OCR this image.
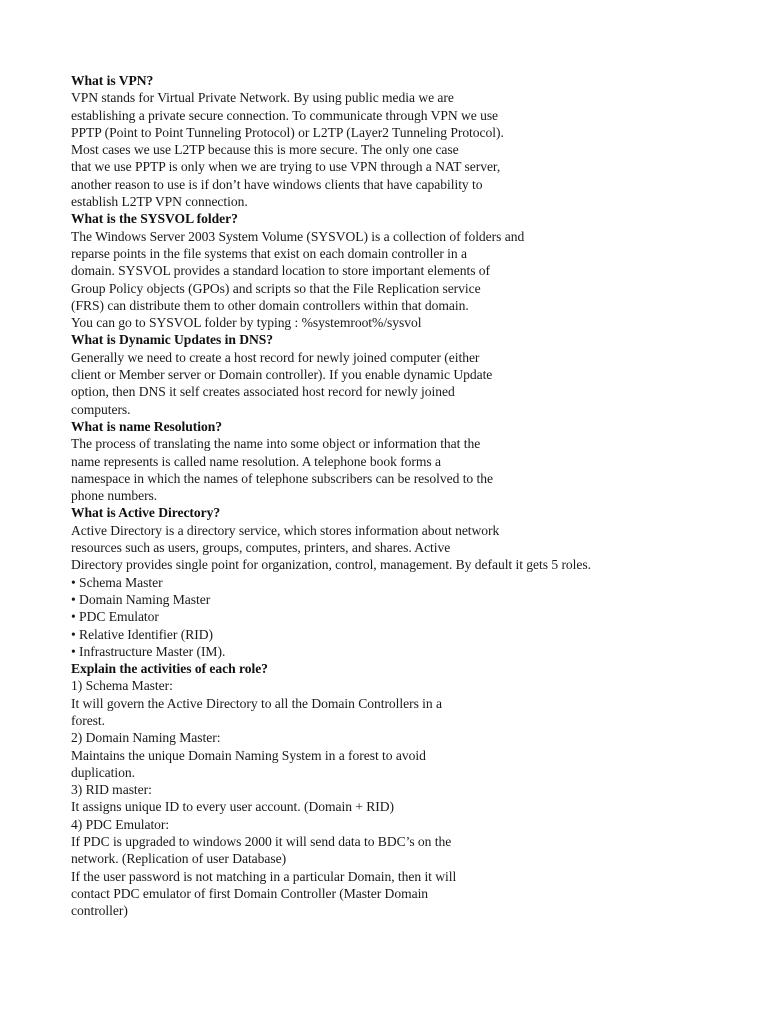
What is VPN?
VPN stands for Virtual Private Network. By using public media we are
establishing a private secure connection. To communicate through VPN we use
PPTP (Point to Point Tunneling Protocol) or L2TP (Layer2 Tunneling Protocol).
Most cases we use L2TP because this is more secure. The only one case
that we use PPTP is only when we are trying to use VPN through a NAT server,
another reason to use is if don’t have windows clients that have capability to
establish L2TP VPN connection.
What is the SYSVOL folder?
The Windows Server 2003 System Volume (SYSVOL) is a collection of folders and
reparse points in the file systems that exist on each domain controller in a
domain. SYSVOL provides a standard location to store important elements of
Group Policy objects (GPOs) and scripts so that the File Replication service
(FRS) can distribute them to other domain controllers within that domain.
You can go to SYSVOL folder by typing : %systemroot%/sysvol
What is Dynamic Updates in DNS?
Generally we need to create a host record for newly joined computer (either
client or Member server or Domain controller). If you enable dynamic Update
option, then DNS it self creates associated host record for newly joined
computers.
What is name Resolution?
The process of translating the name into some object or information that the
name represents is called name resolution. A telephone book forms a
namespace in which the names of telephone subscribers can be resolved to the
phone numbers.
What is Active Directory?
Active Directory is a directory service, which stores information about network
resources such as users, groups, computes, printers, and shares. Active
Directory provides single point for organization, control, management. By default it gets 5 roles.
• Schema Master
• Domain Naming Master
• PDC Emulator
• Relative Identifier (RID)
• Infrastructure Master (IM).
Explain the activities of each role?
1) Schema Master:
It will govern the Active Directory to all the Domain Controllers in a
forest.
2) Domain Naming Master:
Maintains the unique Domain Naming System in a forest to avoid
duplication.
3) RID master:
It assigns unique ID to every user account. (Domain + RID)
4) PDC Emulator:
If PDC is upgraded to windows 2000 it will send data to BDC’s on the
network. (Replication of user Database)
If the user password is not matching in a particular Domain, then it will
contact PDC emulator of first Domain Controller (Master Domain
controller)
